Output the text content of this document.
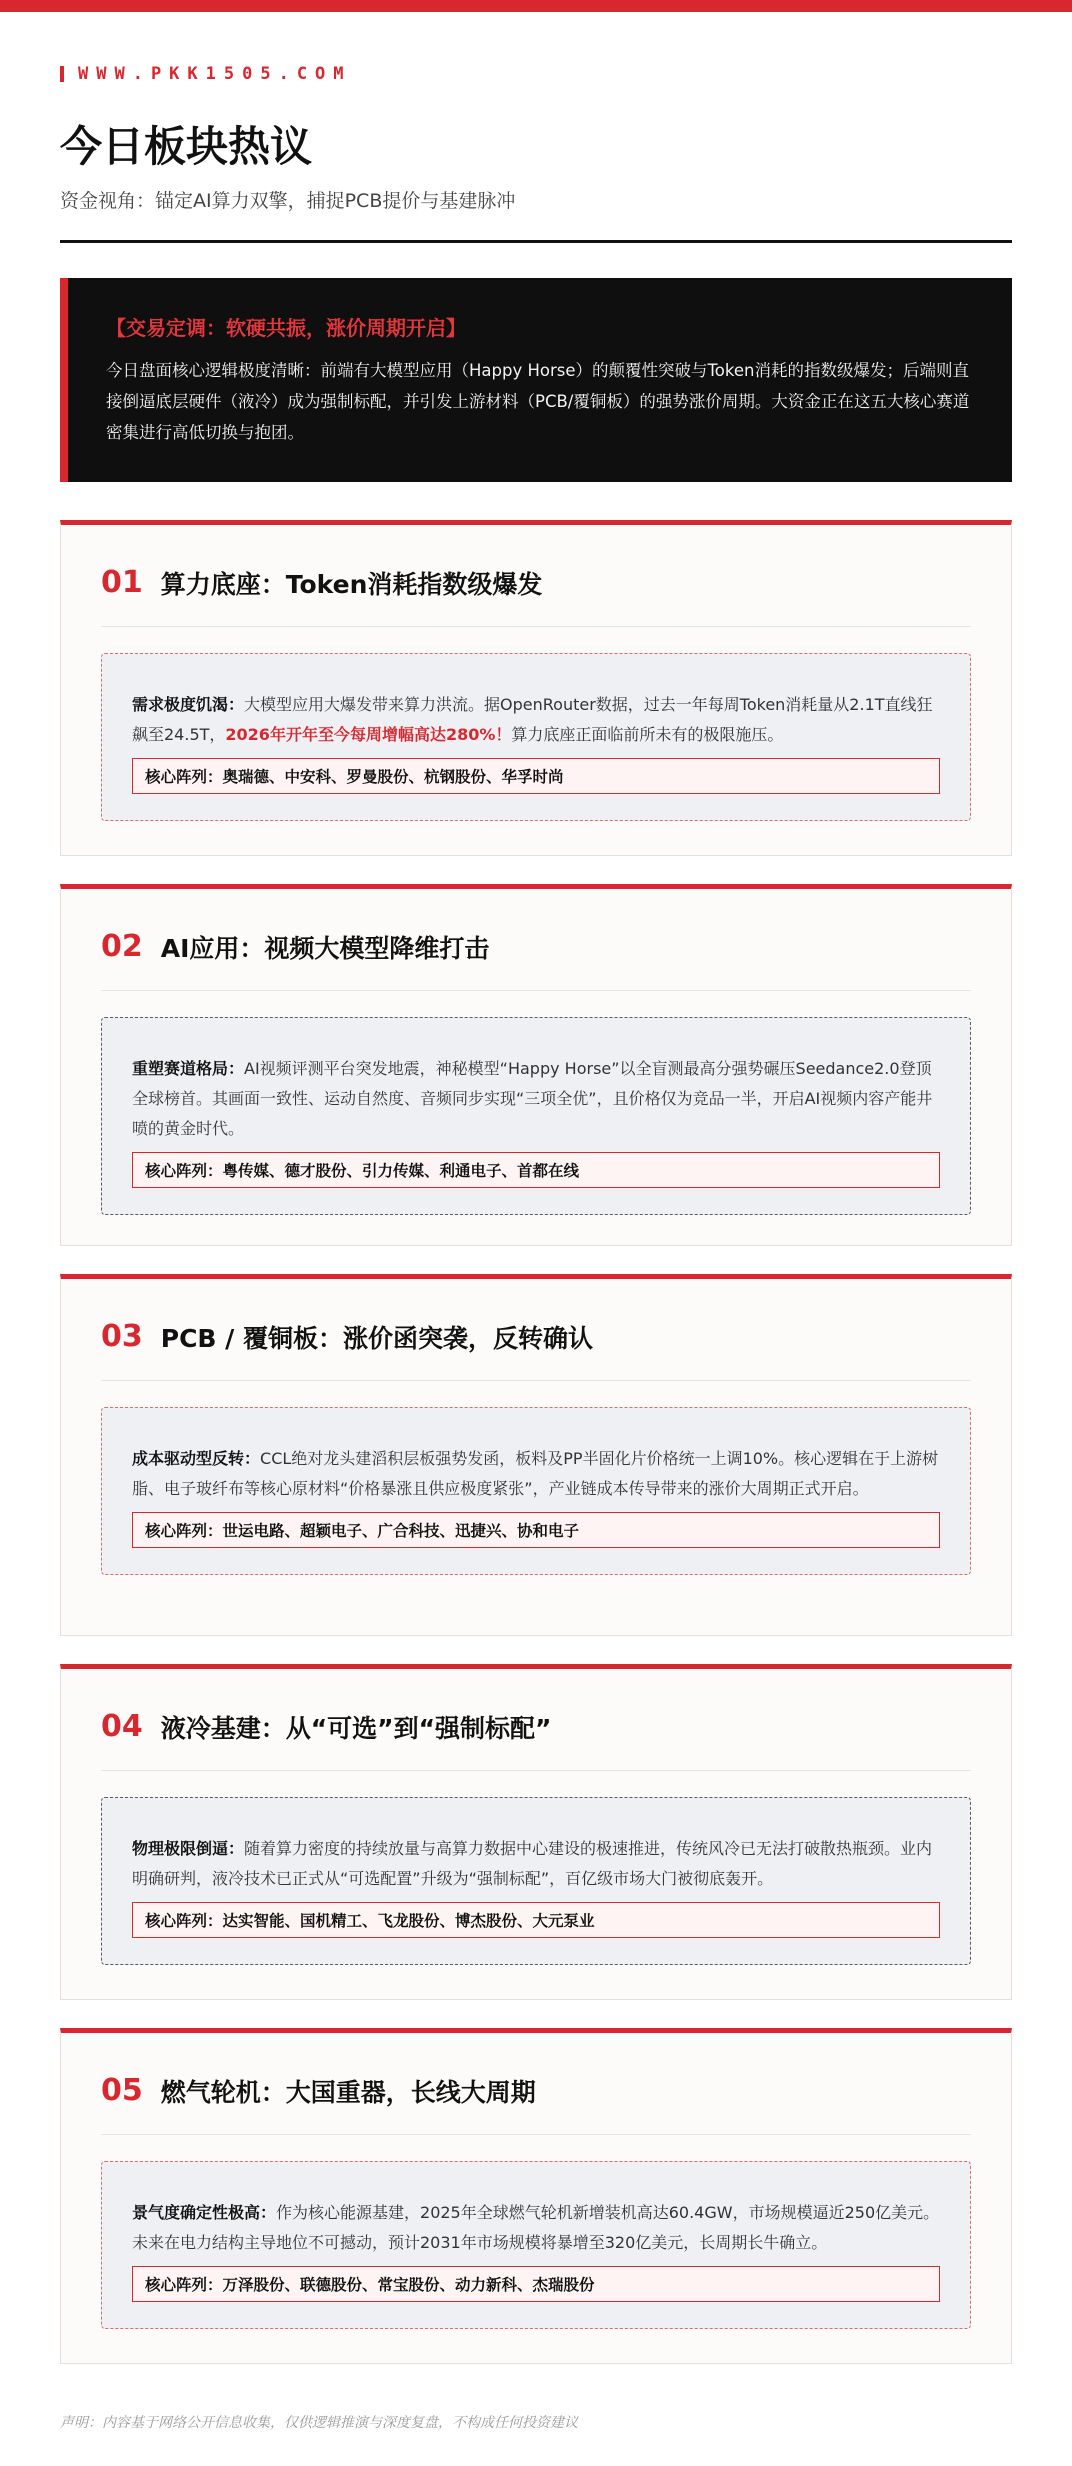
WWW.PKK1505.COM
今日板块热议
资金视角：锚定AI算力双擎，捕捉PCB提价与基建脉冲
【交易定调：软硬共振，涨价周期开启】
今日盘面核心逻辑极度清晰：前端有大模型应用（Happy Horse）的颠覆性突破与Token消耗的指数级爆发；后端则直接倒逼底层硬件（液冷）成为强制标配，并引发上游材料（PCB/覆铜板）的强势涨价周期。大资金正在这五大核心赛道密集进行高低切换与抱团。
01 算力底座：Token消耗指数级爆发
需求极度饥渴：大模型应用大爆发带来算力洪流。据OpenRouter数据，过去一年每周Token消耗量从2.1T直线狂飙至24.5T，2026年开年至今每周增幅高达280%！算力底座正面临前所未有的极限施压。
核心阵列：奥瑞德、中安科、罗曼股份、杭钢股份、华孚时尚
02 AI应用：视频大模型降维打击
重塑赛道格局：AI视频评测平台突发地震，神秘模型“Happy Horse”以全盲测最高分强势碾压Seedance2.0登顶全球榜首。其画面一致性、运动自然度、音频同步实现“三项全优”，且价格仅为竞品一半，开启AI视频内容产能井喷的黄金时代。
核心阵列：粤传媒、德才股份、引力传媒、利通电子、首都在线
03 PCB / 覆铜板：涨价函突袭，反转确认
成本驱动型反转：CCL绝对龙头建滔积层板强势发函，板料及PP半固化片价格统一上调10%。核心逻辑在于上游树脂、电子玻纤布等核心原材料“价格暴涨且供应极度紧张”，产业链成本传导带来的涨价大周期正式开启。
核心阵列：世运电路、超颖电子、广合科技、迅捷兴、协和电子
04 液冷基建：从“可选”到“强制标配”
物理极限倒逼：随着算力密度的持续放量与高算力数据中心建设的极速推进，传统风冷已无法打破散热瓶颈。业内明确研判，液冷技术已正式从“可选配置”升级为“强制标配”，百亿级市场大门被彻底轰开。
核心阵列：达实智能、国机精工、飞龙股份、博杰股份、大元泵业
05 燃气轮机：大国重器，长线大周期
景气度确定性极高：作为核心能源基建，2025年全球燃气轮机新增装机高达60.4GW，市场规模逼近250亿美元。未来在电力结构主导地位不可撼动，预计2031年市场规模将暴增至320亿美元，长周期长牛确立。
核心阵列：万泽股份、联德股份、常宝股份、动力新科、杰瑞股份
声明：内容基于网络公开信息收集，仅供逻辑推演与深度复盘，不构成任何投资建议
